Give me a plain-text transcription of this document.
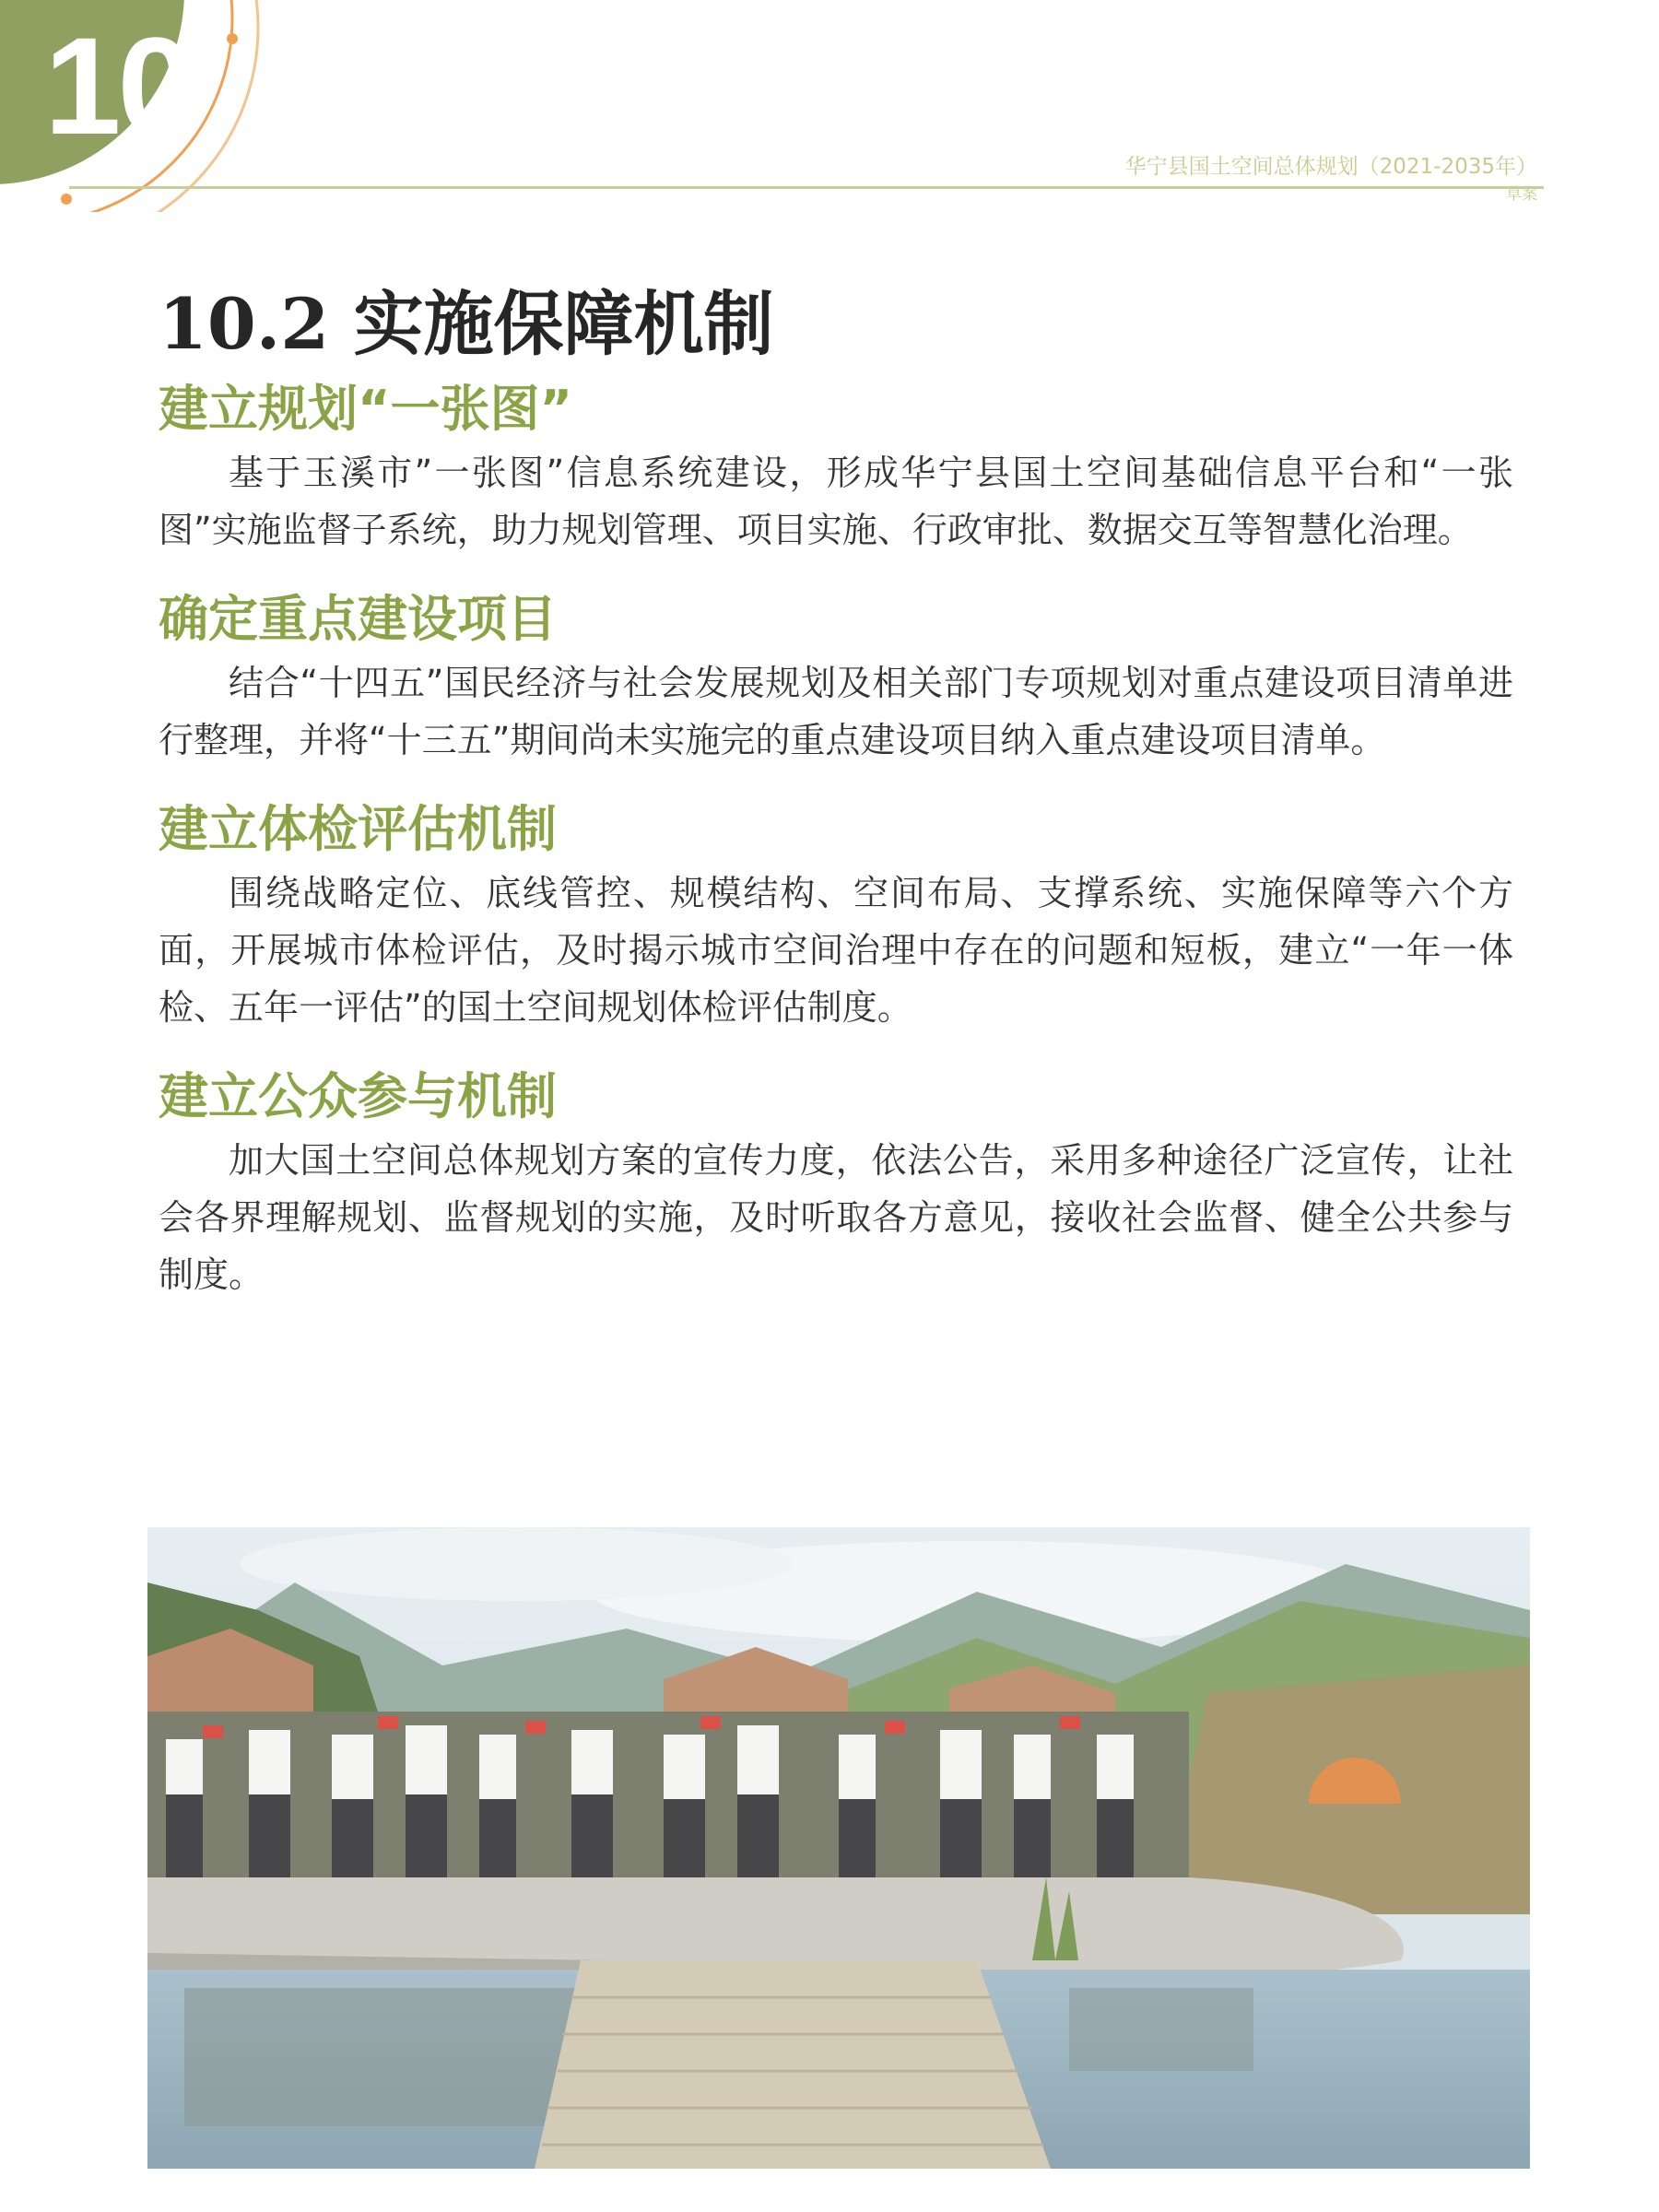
10
华宁县国土空间总体规划（2021-2035年）
草案
10.2 实施保障机制
建立规划“一张图”

基于玉溪市”一张图”信息系统建设，形成华宁县国土空间基础信息平台和“一张图”实施监督子系统，助力规划管理、项目实施、行政审批、数据交互等智慧化治理。

确定重点建设项目

结合“十四五”国民经济与社会发展规划及相关部门专项规划对重点建设项目清单进行整理，并将“十三五”期间尚未实施完的重点建设项目纳入重点建设项目清单。

建立体检评估机制

围绕战略定位、底线管控、规模结构、空间布局、支撑系统、实施保障等六个方面，开展城市体检评估，及时揭示城市空间治理中存在的问题和短板，建立“一年一体检、五年一评估”的国土空间规划体检评估制度。

建立公众参与机制

加大国土空间总体规划方案的宣传力度，依法公告，采用多种途径广泛宣传，让社会各界理解规划、监督规划的实施，及时听取各方意见，接收社会监督、健全公共参与制度。
